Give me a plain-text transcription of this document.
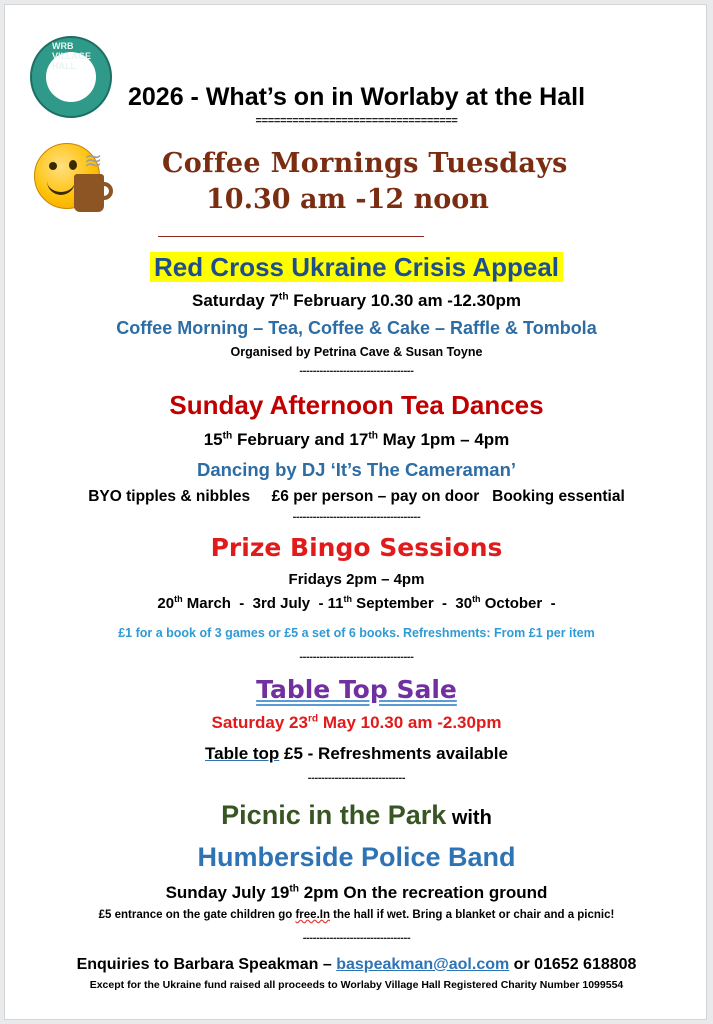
WRB VILLAGE HALL
2026 - What’s on in Worlaby at the Hall
=================================
≋ Coffee Mornings Tuesdays
10.30 am -12 noon
Red Cross Ukraine Crisis Appeal
Saturday 7th February 10.30 am -12.30pm
Coffee Morning – Tea, Coffee & Cake – Raffle & Tombola
Organised by Petrina Cave & Susan Toyne
----------------------------------
Sunday Afternoon Tea Dances
15th February and 17th May 1pm – 4pm
Dancing by DJ ‘It’s The Cameraman’
BYO tipples & nibbles     £6 per person – pay on door   Booking essential
--------------------------------------
Prize Bingo Sessions
Fridays 2pm – 4pm
20th March  -  3rd July  - 11th September  -  30th October  -
£1 for a book of 3 games or £5 a set of 6 books. Refreshments: From £1 per item
----------------------------------
Table Top Sale
Saturday 23rd May 10.30 am -2.30pm
Table top £5 - Refreshments available
-----------------------------
Picnic in the Park with
Humberside Police Band
Sunday July 19th 2pm On the recreation ground
£5 entrance on the gate children go free.In the hall if wet. Bring a blanket or chair and a picnic!
--------------------------------
Enquiries to Barbara Speakman – baspeakman@aol.com or 01652 618808
Except for the Ukraine fund raised all proceeds to Worlaby Village Hall Registered Charity Number 1099554
